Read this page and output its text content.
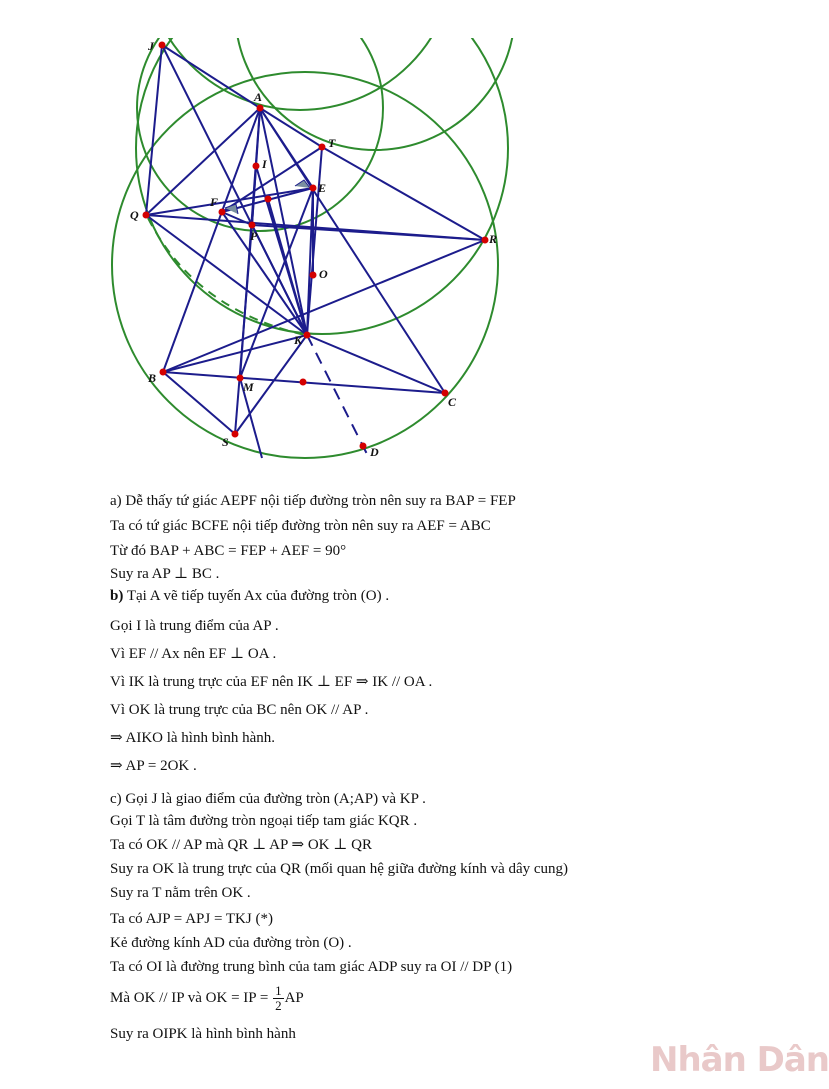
J
A
T
I
E
F
Q
P	R
O
K
B
M
C
S
D
a) Dễ thấy tứ giác AEPF nội tiếp đường tròn nên suy ra BAP = FEP
Ta có tứ giác BCFE nội tiếp đường tròn nên suy ra AEF = ABC
Từ đó BAP + ABC = FEP + AEF = 90°
Suy ra AP ⊥ BC .
b) Tại A vẽ tiếp tuyến Ax của đường tròn (O) .
Gọi I là trung điểm của AP .
Vì EF // Ax nên EF ⊥ OA .
Vì IK là trung trực của EF nên IK ⊥ EF ⇒ IK // OA .
Vì OK là trung trực của BC nên OK // AP .
⇒ AIKO là hình bình hành.
⇒ AP = 2OK .
c) Gọi J là giao điểm của đường tròn (A;AP) và KP .
Gọi T là tâm đường tròn ngoại tiếp tam giác KQR .
Ta có OK // AP mà QR ⊥ AP ⇒ OK ⊥ QR
Suy ra OK là trung trực của QR (mối quan hệ giữa đường kính và dây cung)
Suy ra T nằm trên OK .
Ta có AJP = APJ = TKJ (*)
Kẻ đường kính AD của đường tròn (O) .
Ta có OI là đường trung bình của tam giác ADP suy ra OI // DP (1)
Mà OK // IP và OK = IP = $\frac{1}{2}$ AP
Suy ra OIPK là hình bình hành
Nhân Dân
